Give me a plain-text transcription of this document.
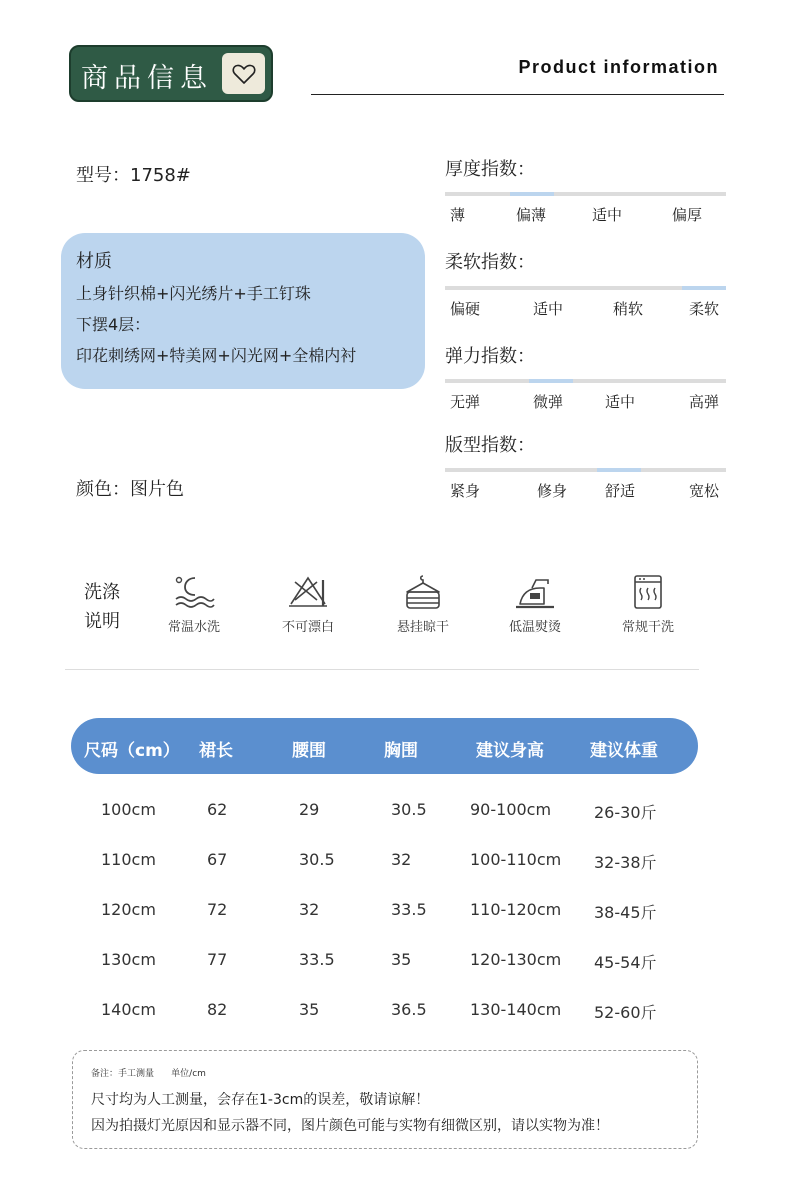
商品信息	Product information
型号：1758#
材质
上身针织棉+闪光绣片+手工钉珠
下摆4层：
印花刺绣网+特美网+闪光网+全棉内衬
颜色：图片色
厚度指数：
薄	偏薄	适中	偏厚
柔软指数：
偏硬	适中	稍软	柔软
弹力指数：
无弹	微弹	适中	高弹
版型指数：
紧身	修身	舒适	宽松
洗涤
说明	常温水洗	不可漂白	悬挂晾干	低温熨烫	常规干洗
尺码（cm） 裙长	腰围	胸围	建议身高	建议体重
100cm	62	29	30.5	90-100cm	26-30斤
110cm	67	30.5	32	100-110cm 32-38斤
120cm	72	32	33.5	110-120cm 38-45斤
130cm	77	33.5	35	120-130cm 45-54斤
140cm	82	35	36.5	130-140cm 52-60斤
备注：手工测量      单位/cm
尺寸均为人工测量，会存在1-3cm的误差，敬请谅解！
因为拍摄灯光原因和显示器不同，图片颜色可能与实物有细微区别，请以实物为准！
